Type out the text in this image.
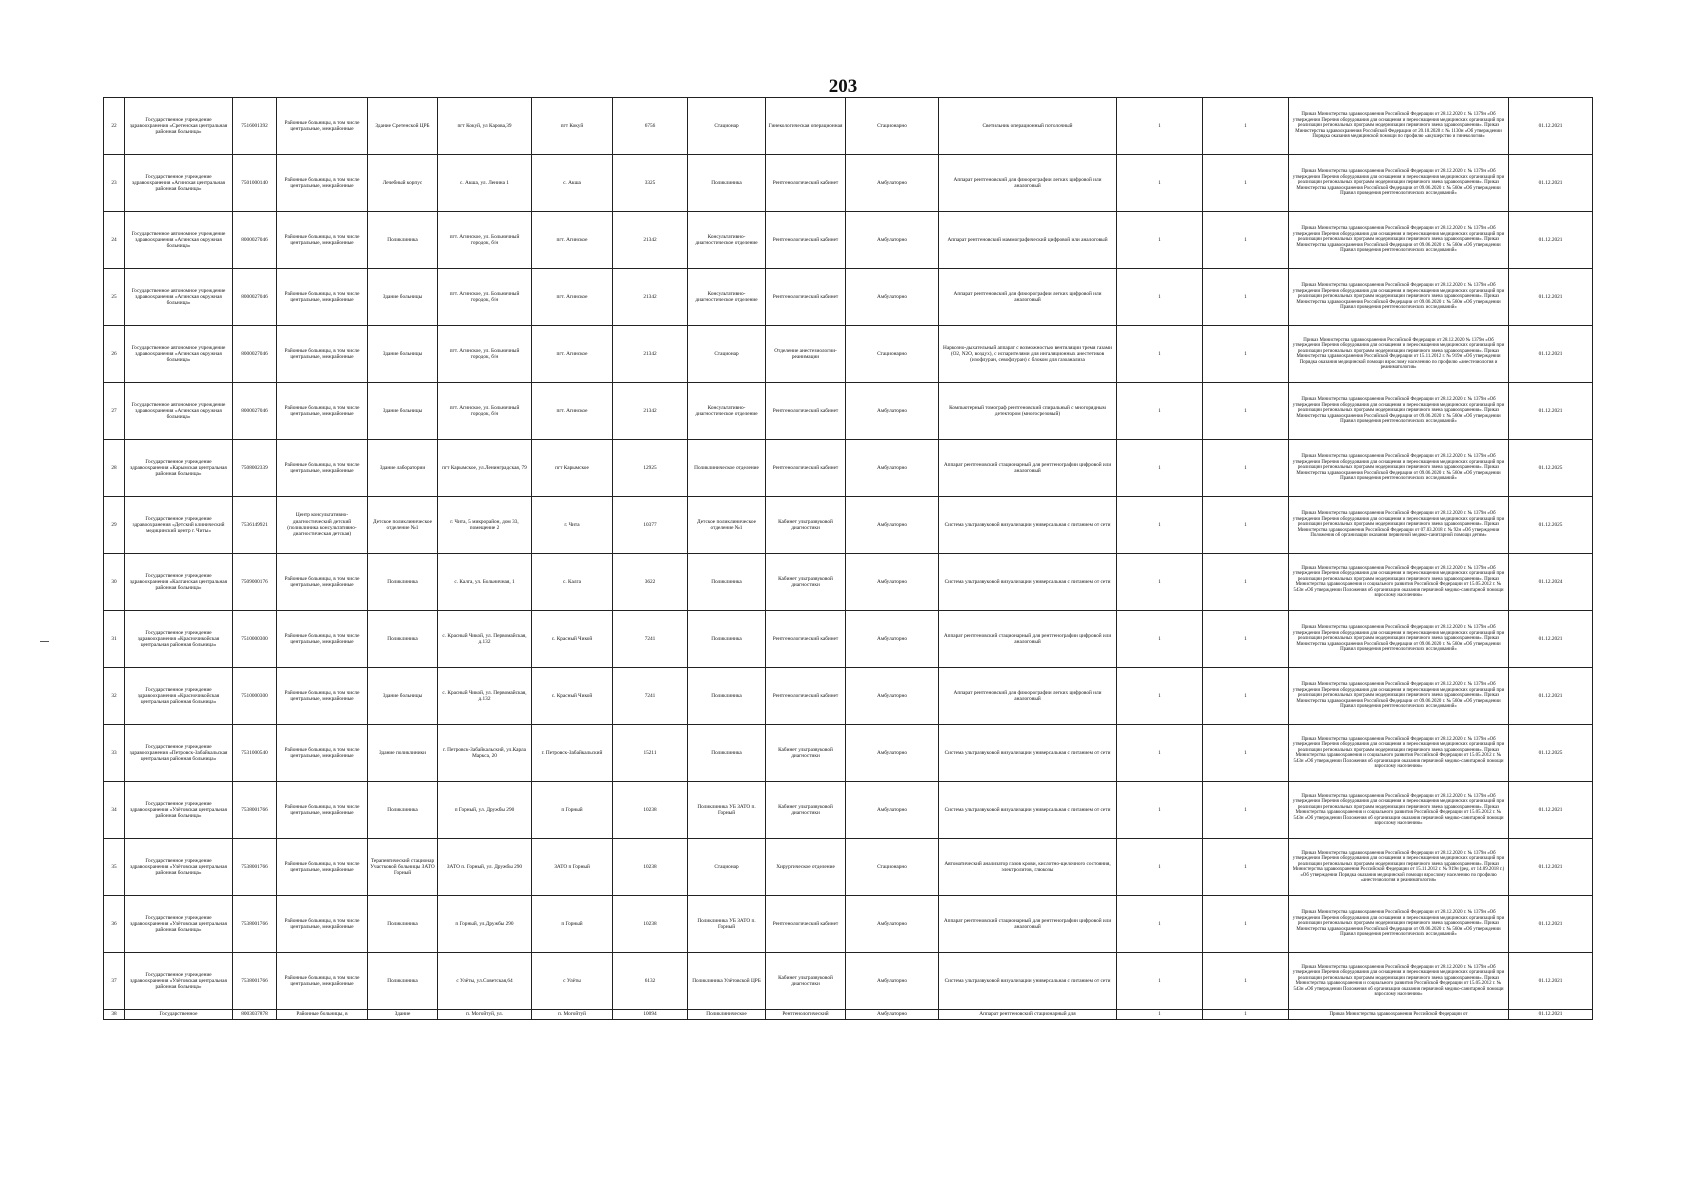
203
22	Государственное учреждение здравоохранения «Сретенская центральная районная больница»	7516001392	Районные больницы, в том числе центральные, межрайонные	Здание Сретенской ЦРБ	пгт Кокуй, ул Карова,39	пгт Кокуй	6756	Стационар	Гинекологическая операционная	Стационарно	Светильник операционный потолочный	1	1	Приказ Министерства здравоохранения Российской Федерации от 28.12.2020 г. № 1379н «Об утверждении Перечня оборудования для оснащения и переоснащения медицинских организаций при реализации региональных программ модернизации первичного звена здравоохранения». Приказ Министерства здравоохранения Российской Федерации от 20.10.2020 г. № 1130н «Об утверждении Порядка оказания медицинской помощи по профилю «акушерство и гинекология»	01.12.2021
23	Государственное учреждение здравоохранения «Агинская центральная районная больница»	7501000140	Районные больницы, в том числе центральные, межрайонные	Лечебный корпус	с. Акша, ул. Ленина 1	с. Акша	3325	Поликлиника	Рентгенологический кабинет	Амбулаторно	Аппарат рентгеновский для флюорографии легких цифровой или аналоговый	1	1	Приказ Министерства здравоохранения Российской Федерации от 28.12.2020 г. № 1379н «Об утверждении Перечня оборудования для оснащения и переоснащения медицинских организаций при реализации региональных программ модернизации первичного звена здравоохранения». Приказ Министерства здравоохранения Российской Федерации от 09.06.2020 г. № 560н «Об утверждении Правил проведения рентгенологических исследований»	01.12.2021
24	Государственное автономное учреждение здравоохранения «Агинская окружная больница»	8000027046	Районные больницы, в том числе центральные, межрайонные	Поликлиника	пгт. Агинское, ул. Больничный городок, б/н	пгт. Агинское	21342	Консультативно-диагностическое отделение	Рентгенологический кабинет	Амбулаторно	Аппарат рентгеновский маммографический цифровой или аналоговый	1	1	Приказ Министерства здравоохранения Российской Федерации от 28.12.2020 г. № 1379н «Об утверждении Перечня оборудования для оснащения и переоснащения медицинских организаций при реализации региональных программ модернизации первичного звена здравоохранения». Приказ Министерства здравоохранения Российской Федерации от 09.06.2020 г. № 560н «Об утверждении Правил проведения рентгенологических исследований»	01.12.2021
25	Государственное автономное учреждение здравоохранения «Агинская окружная больница»	8000027046	Районные больницы, в том числе центральные, межрайонные	Здание больницы	пгт. Агинское, ул. Больничный городок, б/н	пгт. Агинское	21342	Консультативно-диагностическое отделение	Рентгенологический кабинет	Амбулаторно	Аппарат рентгеновский для флюорографии легких цифровой или аналоговый	1	1	Приказ Министерства здравоохранения Российской Федерации от 28.12.2020 г. № 1379н «Об утверждении Перечня оборудования для оснащения и переоснащения медицинских организаций при реализации региональных программ модернизации первичного звена здравоохранения». Приказ Министерства здравоохранения Российской Федерации от 09.06.2020 г. № 560н «Об утверждении Правил проведения рентгенологических исследований»	01.12.2021
26	Государственное автономное учреждение здравоохранения «Агинская окружная больница»	8000027046	Районные больницы, в том числе центральные, межрайонные	Здание больницы	пгт. Агинское, ул. Больничный городок, б/н	пгт. Агинское	21342	Стационар	Отделение анестезиологии-реанимации	Стационарно	Наркозно-дыхательный аппарат с возможностью вентиляции тремя газами (O2, N2O, воздух), с испарителями для ингаляционных анестетиков (изофлуран, севофлуран) с блоком для газоанализа	1	1	Приказ Министерства здравоохранения Российской Федерации от 28.12.2020 № 1379н «Об утверждении Перечня оборудования для оснащения и переоснащения медицинских организаций при реализации региональных программ модернизации первичного звена здравоохранения». Приказ Министерства здравоохранения Российской Федерации от 15.11.2012 г. № 919н «Об утверждении Порядка оказания медицинской помощи взрослому населению по профилю «анестезиология и реаниматология»	01.12.2021
27	Государственное автономное учреждение здравоохранения «Агинская окружная больница»	8000027046	Районные больницы, в том числе центральные, межрайонные	Здание больницы	пгт. Агинское, ул. Больничный городок, б/н	пгт. Агинское	21342	Консультативно-диагностическое отделение	Рентгенологический кабинет	Амбулаторно	Компьютерный томограф рентгеновский спиральный с многорядным детектором (многосрезовый)	1	1	Приказ Министерства здравоохранения Российской Федерации от 28.12.2020 г. № 1379н «Об утверждении Перечня оборудования для оснащения и переоснащения медицинских организаций при реализации региональных программ модернизации первичного звена здравоохранения». Приказ Министерства здравоохранения Российской Федерации от 09.06.2020 г. № 560н «Об утверждении Правил проведения рентгенологических исследований»	01.12.2021
28	Государственное учреждение здравоохранения «Карымская центральная районная больница»	7508002339	Районные больницы, в том числе центральные, межрайонные	Здание лаборатории	пгт Карымское, ул.Ленинградская, 79	пгт Карымское	12925	Поликлиническое отделение	Рентгенологический кабинет	Амбулаторно	Аппарат рентгеновский стационарный для рентгенографии цифровой или аналоговый	1	1	Приказ Министерства здравоохранения Российской Федерации от 28.12.2020 г. № 1379н «Об утверждении Перечня оборудования для оснащения и переоснащения медицинских организаций при реализации региональных программ модернизации первичного звена здравоохранения». Приказ Министерства здравоохранения Российской Федерации от 09.06.2020 г. № 560н «Об утверждении Правил проведения рентгенологических исследований»	01.12.2025
29	Государственное учреждение здравоохранения «Детский клинический медицинский центр г. Читы»	7536149921	Центр консультативно-диагностический детский (поликлиника консультативно-диагностическая детская)	Детское поликлиническое отделение №1	г. Чита, 5 микрорайон, дом 33, помещение 2	г. Чита	10377	Детское поликлиническое отделение №1	Кабинет ультразвуковой диагностики	Амбулаторно	Система ультразвуковой визуализации универсальная с питанием от сети	1	1	Приказ Министерства здравоохранения Российской Федерации от 28.12.2020 г. № 1379н «Об утверждении Перечня оборудования для оснащения и переоснащения медицинских организаций при реализации региональных программ модернизации первичного звена здравоохранения». Приказ Министерства здравоохранения Российской Федерации от 07.03.2018 г. № 92н «Об утверждении Положения об организации оказания первичной медико-санитарной помощи детям»	01.12.2025
30	Государственное учреждение здравоохранения «Калганская центральная районная больница»	7509000176	Районные больницы, в том числе центральные, межрайонные	Поликлиника	с. Калга, ул. Больничная, 1	с. Калга	3622	Поликлиника	Кабинет ультразвуковой диагностики	Амбулаторно	Система ультразвуковой визуализации универсальная с питанием от сети	1	1	Приказ Министерства здравоохранения Российской Федерации от 28.12.2020 г. № 1379н «Об утверждении Перечня оборудования для оснащения и переоснащения медицинских организаций при реализации региональных программ модернизации первичного звена здравоохранения». Приказ Министерства здравоохранения и социального развития Российской Федерации от 15.05.2012 г. № 543н «Об утверждении Положения об организации оказания первичной медико-санитарной помощи взрослому населению»	01.12.2024
31	Государственное учреждение здравоохранения «Красночикойская центральная районная больница»	7510000300	Районные больницы, в том числе центральные, межрайонные	Поликлиника	с. Красный Чикой, ул. Первомайская, д.132	с. Красный Чикой	7241	Поликлиника	Рентгенологический кабинет	Амбулаторно	Аппарат рентгеновский стационарный для рентгенографии цифровой или аналоговый	1	1	Приказ Министерства здравоохранения Российской Федерации от 28.12.2020 г. № 1379н «Об утверждении Перечня оборудования для оснащения и переоснащения медицинских организаций при реализации региональных программ модернизации первичного звена здравоохранения». Приказ Министерства здравоохранения Российской Федерации от 09.06.2020 г. № 560н «Об утверждении Правил проведения рентгенологических исследований»	01.12.2021
32	Государственное учреждение здравоохранения «Красночикойская центральная районная больница»	7510000300	Районные больницы, в том числе центральные, межрайонные	Здание больницы	с. Красный Чикой, ул. Первомайская, д.132	с. Красный Чикой	7241	Поликлиника	Рентгенологический кабинет	Амбулаторно	Аппарат рентгеновский для флюорографии легких цифровой или аналоговый	1	1	Приказ Министерства здравоохранения Российской Федерации от 28.12.2020 г. № 1379н «Об утверждении Перечня оборудования для оснащения и переоснащения медицинских организаций при реализации региональных программ модернизации первичного звена здравоохранения». Приказ Министерства здравоохранения Российской Федерации от 09.06.2020 г. № 560н «Об утверждении Правил проведения рентгенологических исследований»	01.12.2021
33	Государственное учреждение здравоохранения «Петровск-Забайкальская центральная районная больница»	7531000540	Районные больницы, в том числе центральные, межрайонные	Здание поликлиники	г. Петровск-Забайкальский, ул.Карла Маркса, 20	г. Петровск-Забайкальский	15211	Поликлиника	Кабинет ультразвуковой диагностики	Амбулаторно	Система ультразвуковой визуализации универсальная с питанием от сети	1	1	Приказ Министерства здравоохранения Российской Федерации от 28.12.2020 г. № 1379н «Об утверждении Перечня оборудования для оснащения и переоснащения медицинских организаций при реализации региональных программ модернизации первичного звена здравоохранения». Приказ Министерства здравоохранения и социального развития Российской Федерации от 15.05.2012 г. № 543н «Об утверждении Положения об организации оказания первичной медико-санитарной помощи взрослому населению»	01.12.2025
34	Государственное учреждение здравоохранения «Улётовская центральная районная больница»	7538001766	Районные больницы, в том числе центральные, межрайонные	Поликлиника	п Горный, ул. Дружбы 290	п Горный	10238	Поликлиника УБ ЗАТО п. Горный	Кабинет ультразвуковой диагностики	Амбулаторно	Система ультразвуковой визуализации универсальная с питанием от сети	1	1	Приказ Министерства здравоохранения Российской Федерации от 28.12.2020 г. № 1379н «Об утверждении Перечня оборудования для оснащения и переоснащения медицинских организаций при реализации региональных программ модернизации первичного звена здравоохранения». Приказ Министерства здравоохранения и социального развития Российской Федерации от 15.05.2012 г. № 543н «Об утверждении Положения об организации оказания первичной медико-санитарной помощи взрослому населению»	01.12.2021
35	Государственное учреждение здравоохранения «Улётовская центральная районная больница»	7538001766	Районные больницы, в том числе центральные, межрайонные	Терапевтический стационар Участковой больницы ЗАТО Горный	ЗАТО п. Горный, ул. Дружбы 290	ЗАТО п Горный	10238	Стационар	Хирургическое отделение	Стационарно	Автоматический анализатор газов крови, кислотно-щелочного состояния, электролитов, глюкозы	1	1	Приказ Министерства здравоохранения Российской Федерации от 28.12.2020 г. № 1379н «Об утверждении Перечня оборудования для оснащения и переоснащения медицинских организаций при реализации региональных программ модернизации первичного звена здравоохранения». Приказ Министерства здравоохранения Российской Федерации от 15.11.2012 г. № 919н (ред. от 14.09.2018 г.) «Об утверждении Порядка оказания медицинской помощи взрослому населению по профилю «анестезиология и реаниматология»	01.12.2021
36	Государственное учреждение здравоохранения «Улётовская центральная районная больница»	7538001766	Районные больницы, в том числе центральные, межрайонные	Поликлиника	п Горный, ул.Дружбы 290	п Горный	10238	Поликлиника УБ ЗАТО п. Горный	Рентгенологический кабинет	Амбулаторно	Аппарат рентгеновский стационарный для рентгенографии цифровой или аналоговый	1	1	Приказ Министерства здравоохранения Российской Федерации от 28.12.2020 г. № 1379н «Об утверждении Перечня оборудования для оснащения и переоснащения медицинских организаций при реализации региональных программ модернизации первичного звена здравоохранения». Приказ Министерства здравоохранения Российской Федерации от 09.06.2020 г. № 560н «Об утверждении Правил проведения рентгенологических исследований»	01.12.2021
37	Государственное учреждение здравоохранения «Улётовская центральная районная больница»	7538001766	Районные больницы, в том числе центральные, межрайонные	Поликлиника	с Улёты, ул.Советская,64	с Улёты	6132	Поликлиника Улётовской ЦРБ	Кабинет ультразвуковой диагностики	Амбулаторно	Система ультразвуковой визуализации универсальная с питанием от сети	1	1	Приказ Министерства здравоохранения Российской Федерации от 28.12.2020 г. № 1379н «Об утверждении Перечня оборудования для оснащения и переоснащения медицинских организаций при реализации региональных программ модернизации первичного звена здравоохранения». Приказ Министерства здравоохранения и социального развития Российской Федерации от 15.05.2012 г. № 543н «Об утверждении Положения об организации оказания первичной медико-санитарной помощи взрослому населению»	01.12.2021
38	Государственное	8003037878	Районные больницы, в	Здание	п. Могойтуй, ул.	п. Могойтуй	10094	Поликлиническое	Рентгенологический	Амбулаторно	Аппарат рентгеновский стационарный для	1	1	Приказ Министерства здравоохранения Российской Федерации от	01.12.2021
